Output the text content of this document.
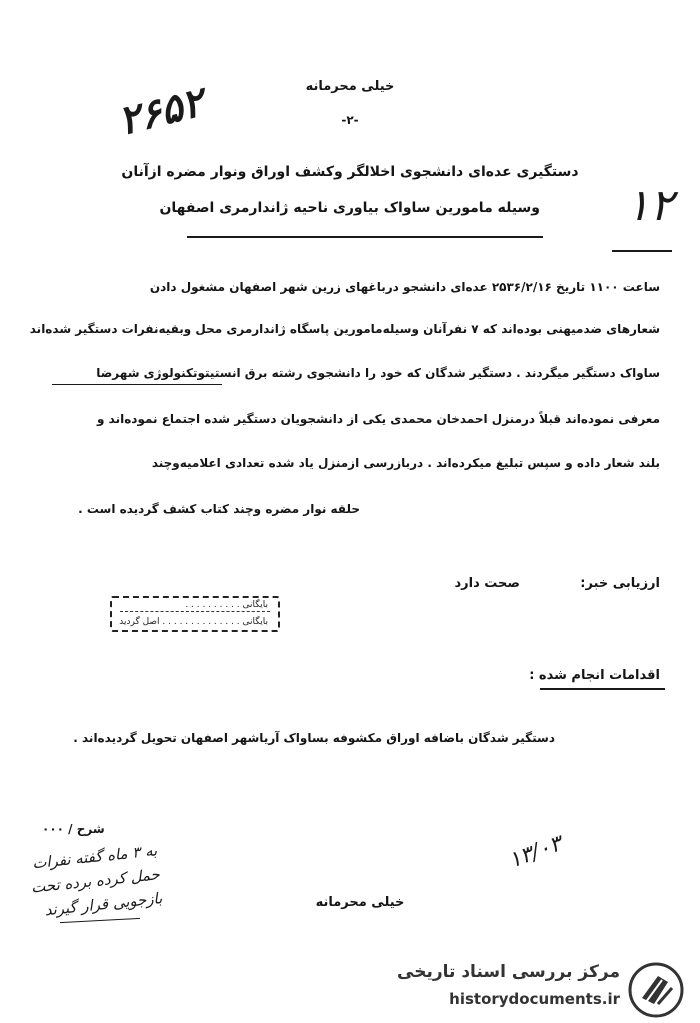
خیلی محرمانه
-۲-
۲۶۵۲
۱۲
دستگیری عده‌ای دانشجوی اخلالگر وکشف اوراق ونوار مضره ازآنان
وسیله مامورین ساواک بیاوری ناحیه ژاندارمری اصفهان
ساعت ۱۱۰۰ تاریخ ۲۵۳۶/۲/۱۶ عده‌ای دانشجو درباغهای زرین شهر اصفهان مشغول دادن
شعارهای ضدمیهنی بوده‌اند که ۷ نفرآنان وسیله‌مامورین پاسگاه ژاندارمری محل وبقیه‌نفرات دستگیر شده‌اند
ساواک دستگیر میگردند . دستگیر شدگان که خود را دانشجوی رشته برق انستیتوتکنولوژی شهرضا
معرفی نموده‌اند قبلاً درمنزل احمدخان محمدی یکی از دانشجویان دستگیر شده اجتماع نموده‌اند و
بلند شعار داده و سپس تبلیغ میکرده‌اند . دربازرسی ازمنزل یاد شده تعدادی اعلامیه‌وچند
حلقه نوار مضره وچند کتاب کشف گردیده است .
ارزیابی خبر:
صحت دارد
بایگانی . . . . . . . . . .
بایگانی . . . . . . . . . . . . . . اصل گردید
اقدامات انجام شده :
دستگیر شدگان باضافه اوراق مکشوفه بساواک آریاشهر اصفهان تحویل گردیده‌اند .
شرح / ۰۰۰
به ۳ ماه گفته نفرات حمل کرده برده تحت بازجویی قرار گیرند
۱۳/۰۳
خیلی محرمانه
مرکز بررسی اسناد تاریخی
historydocuments.ir
